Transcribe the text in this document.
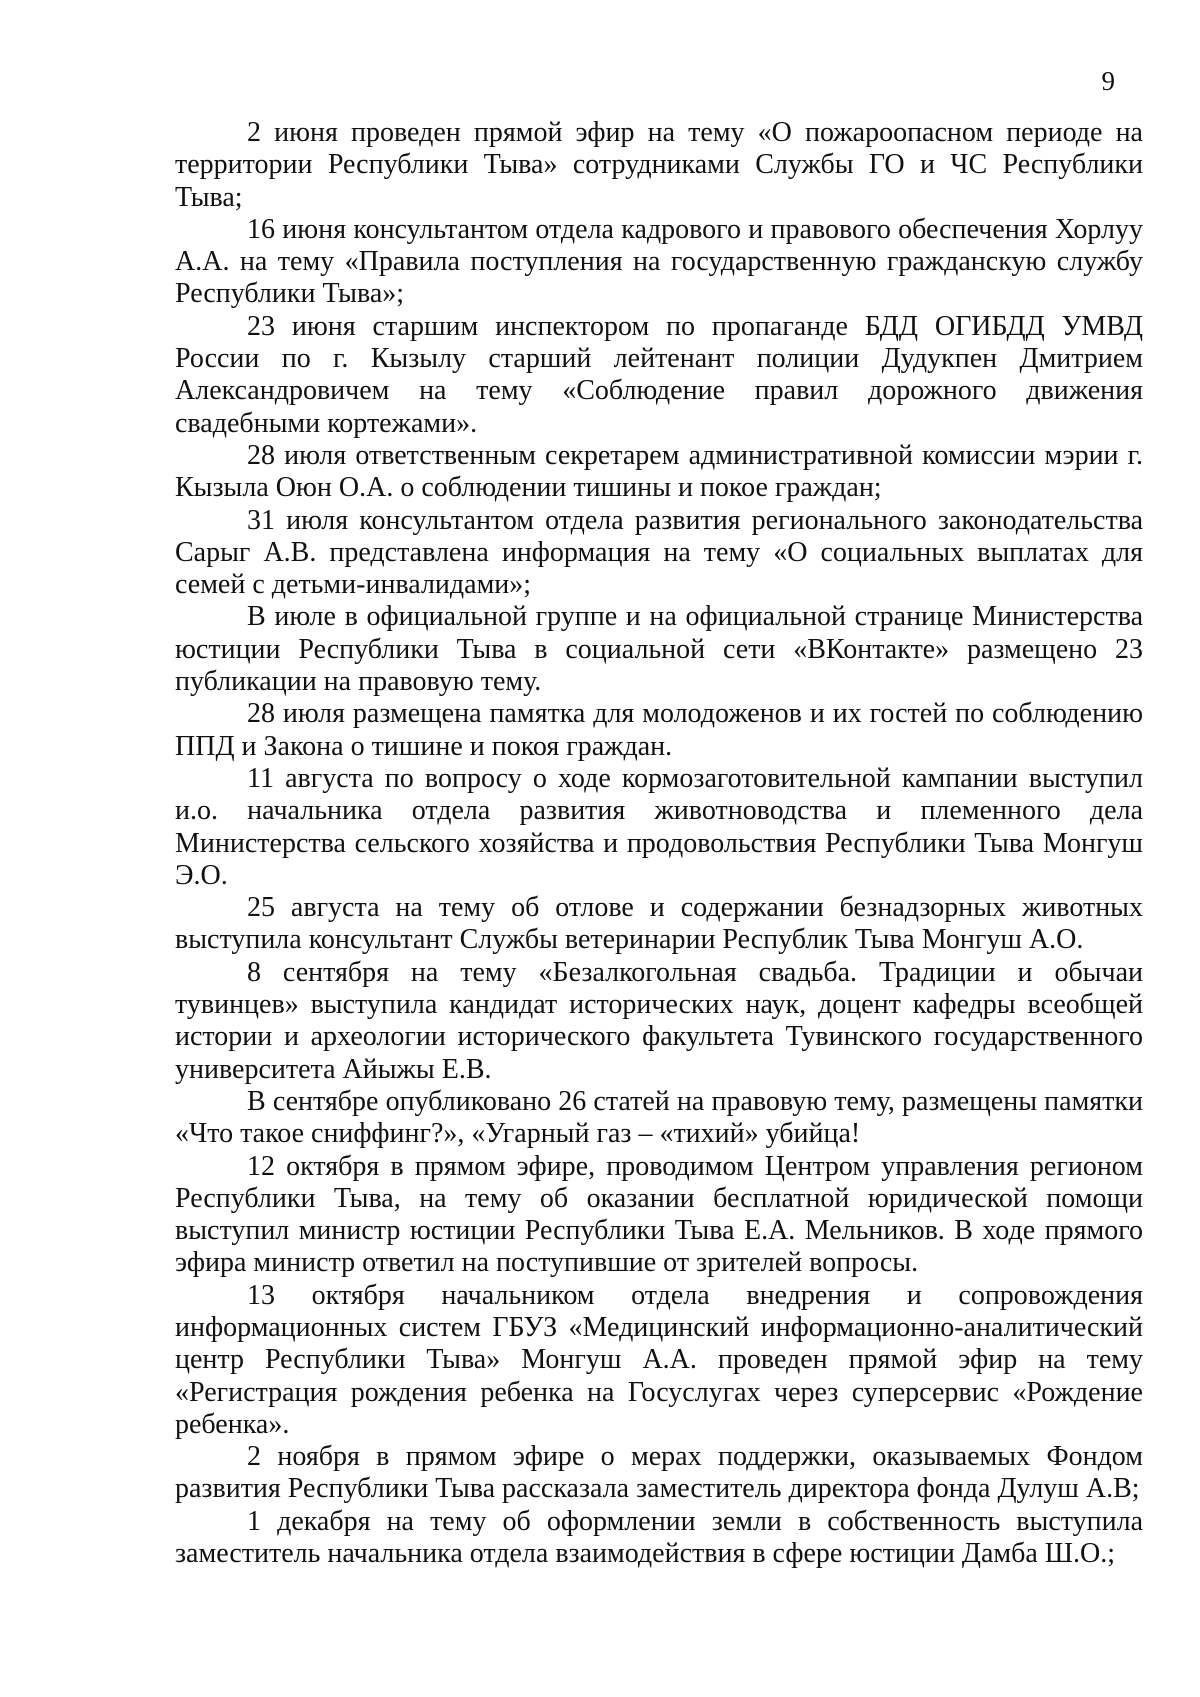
9

2 июня проведен прямой эфир на тему «О пожароопасном периоде на территории Республики Тыва» сотрудниками Службы ГО и ЧС Республики Тыва;

16 июня консультантом отдела кадрового и правового обеспечения Хорлуу А.А. на тему «Правила поступления на государственную гражданскую службу Республики Тыва»;

23 июня старшим инспектором по пропаганде БДД ОГИБДД УМВД России по г. Кызылу старший лейтенант полиции Дудукпен Дмитрием Александровичем на тему «Соблюдение правил дорожного движения свадебными кортежами».

28 июля ответственным секретарем административной комиссии мэрии г. Кызыла Оюн О.А. о соблюдении тишины и покое граждан;

31 июля консультантом отдела развития регионального законодательства Сарыг А.В. представлена информация на тему «О социальных выплатах для семей с детьми-инвалидами»;

В июле в официальной группе и на официальной странице Министерства юстиции Республики Тыва в социальной сети «ВКонтакте» размещено 23 публикации на правовую тему.

28 июля размещена памятка для молодоженов и их гостей по соблюдению ППД и Закона о тишине и покоя граждан.

11 августа по вопросу о ходе кормозаготовительной кампании выступил и.о. начальника отдела развития животноводства и племенного дела Министерства сельского хозяйства и продовольствия Республики Тыва Монгуш Э.О.

25 августа на тему об отлове и содержании безнадзорных животных выступила консультант Службы ветеринарии Республик Тыва Монгуш А.О.

8 сентября на тему «Безалкогольная свадьба. Традиции и обычаи тувинцев» выступила кандидат исторических наук, доцент кафедры всеобщей истории и археологии исторического факультета Тувинского государственного университета Айыжы Е.В.

В сентябре опубликовано 26 статей на правовую тему, размещены памятки «Что такое сниффинг?», «Угарный газ – «тихий» убийца!

12 октября в прямом эфире, проводимом Центром управления регионом Республики Тыва, на тему об оказании бесплатной юридической помощи выступил министр юстиции Республики Тыва Е.А. Мельников. В ходе прямого эфира министр ответил на поступившие от зрителей вопросы.

13 октября начальником отдела внедрения и сопровождения информационных систем ГБУЗ «Медицинский информационно-аналитический центр Республики Тыва» Монгуш А.А. проведен прямой эфир на тему «Регистрация рождения ребенка на Госуслугах через суперсервис «Рождение ребенка».

2 ноября в прямом эфире о мерах поддержки, оказываемых Фондом развития Республики Тыва рассказала заместитель директора фонда Дулуш А.В;

1 декабря на тему об оформлении земли в собственность выступила заместитель начальника отдела взаимодействия в сфере юстиции Дамба Ш.О.;
